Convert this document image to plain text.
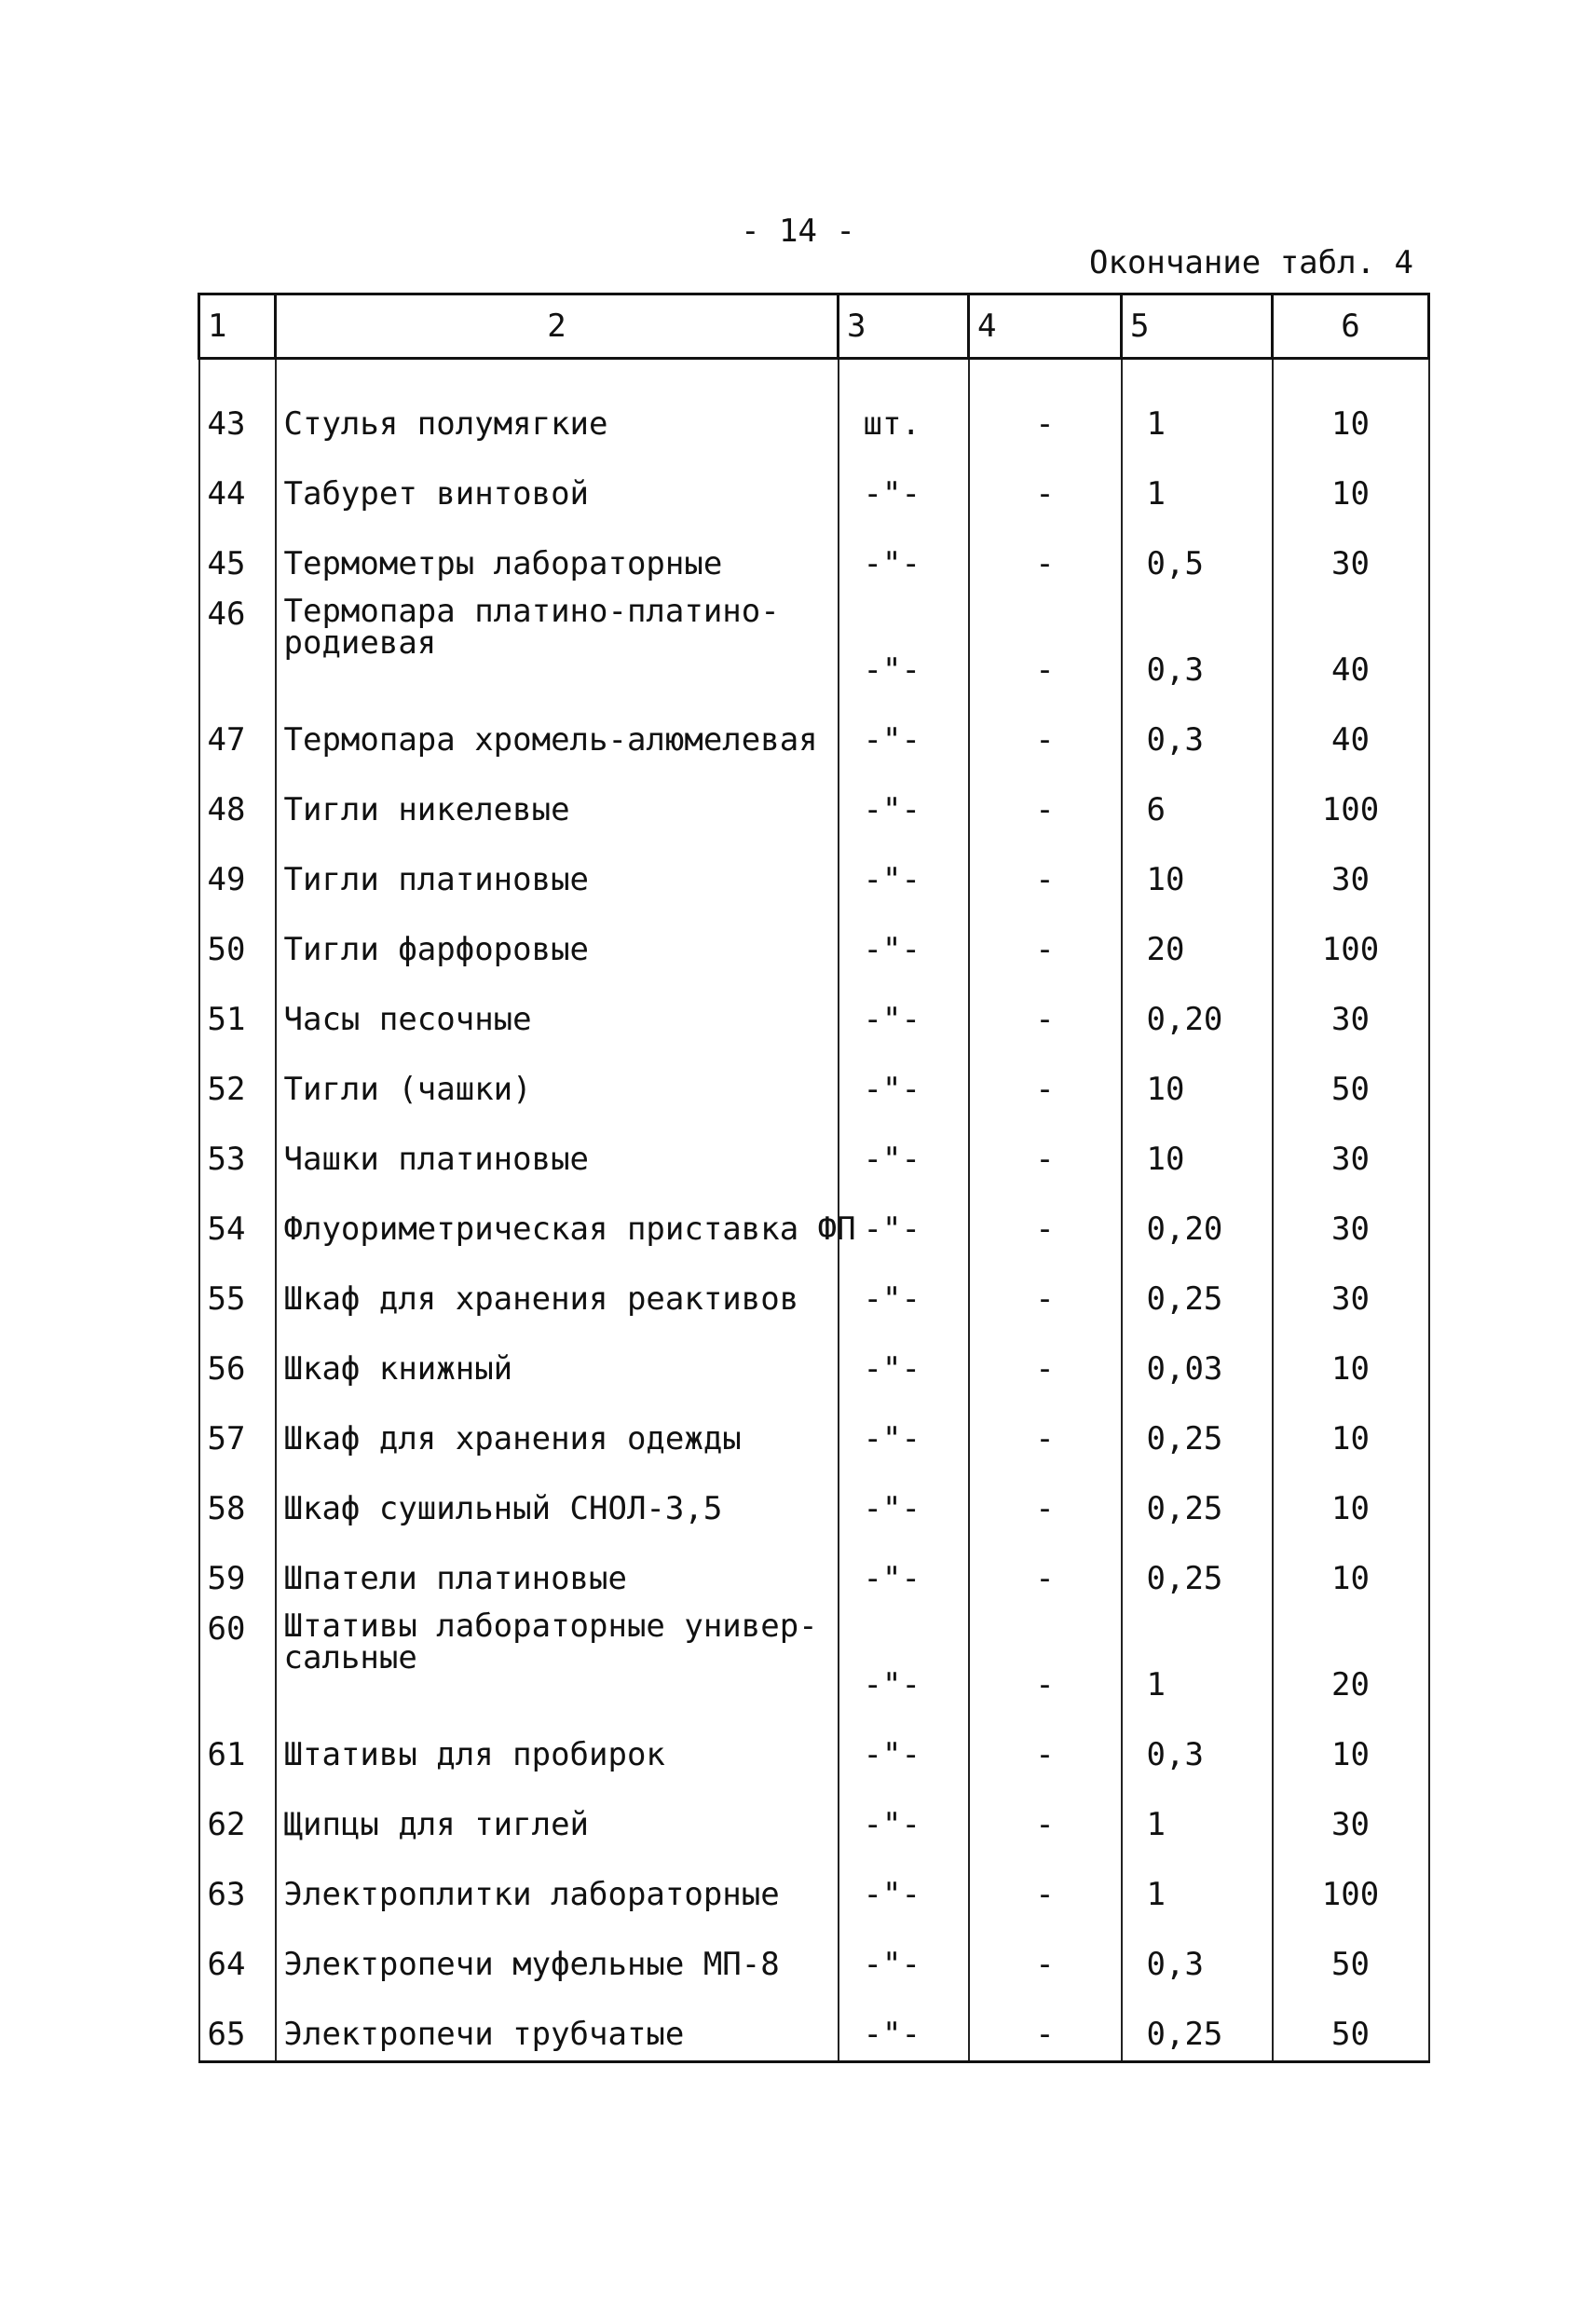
- 14 -
Окончание табл. 4
1	2	3	4	5	6

43	Стулья полумягкие	шт.	-	1	10
44	Табурет винтовой	-"-	-	1	10
45	Термометры лабораторные	-"-	-	0,5	30
46	Термопара платино-платино-родиевая	-"-	-	0,3	40
47	Термопара хромель-алюмелевая	-"-	-	0,3	40
48	Тигли никелевые	-"-	-	6	100
49	Тигли платиновые	-"-	-	10	30
50	Тигли фарфоровые	-"-	-	20	100
51	Часы песочные	-"-	-	0,20	30
52	Тигли (чашки)	-"-	-	10	50
53	Чашки платиновые	-"-	-	10	30
54	Флуориметрическая приставка ФП	-"-	-	0,20	30
55	Шкаф для хранения реактивов	-"-	-	0,25	30
56	Шкаф книжный	-"-	-	0,03	10
57	Шкаф для хранения одежды	-"-	-	0,25	10
58	Шкаф сушильный СНОЛ-3,5	-"-	-	0,25	10
59	Шпатели платиновые	-"-	-	0,25	10
60	Штативы лабораторные универ-сальные	-"-	-	1	20
61	Штативы для пробирок	-"-	-	0,3	10
62	Щипцы для тиглей	-"-	-	1	30
63	Электроплитки лабораторные	-"-	-	1	100
64	Электропечи муфельные МП-8	-"-	-	0,3	50
65	Электропечи трубчатые	-"-	-	0,25	50
